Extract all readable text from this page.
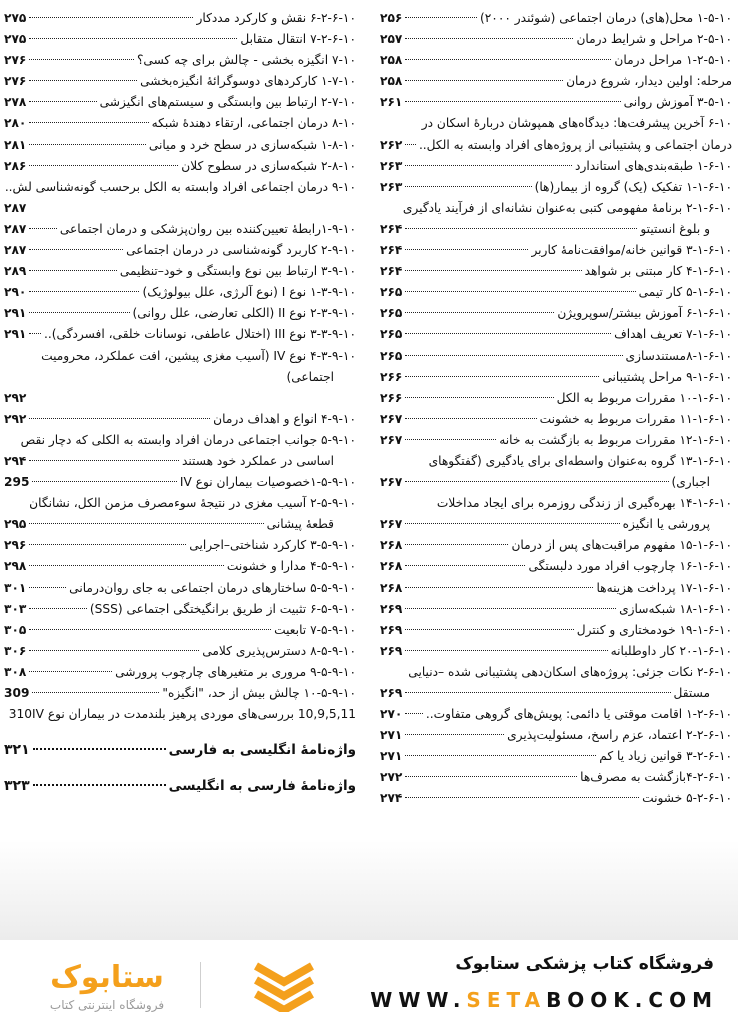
۱-۵-۱۰ محل(های) درمان اجتماعی (شوئندر ۲۰۰۰)
۲۵۶
۲-۵-۱۰ مراحل و شرایط درمان
۲۵۷
۱-۲-۵-۱۰ مراحل درمان
۲۵۸
مرحله: اولین دیدار، شروع درمان
۲۵۸
۳-۵-۱۰ آموزش روانی
۲۶۱
۶-۱۰ آخرین پیشرفت‌ها: دیدگاه‌های همپوشان دربارهٔ اسکان در
درمان اجتماعی و پشتیبانی از پروژه‌های افراد وابسته به الکل..
۲۶۲
۱-۶-۱۰ طبقه‌بندی‌های استاندارد
۲۶۳
۱-۱-۶-۱۰ تفکیک (یک) گروه از بیمار(ها)
۲۶۳
۲-۱-۶-۱۰ برنامهٔ مفهومی کتبی به‌عنوان نشانه‌ای از فرآیند یادگیری
و بلوغ انستیتو
۲۶۴
۳-۱-۶-۱۰ قوانین خانه/موافقت‌نامهٔ کاربر
۲۶۴
۴-۱-۶-۱۰ کار مبتنی بر شواهد
۲۶۴
۵-۱-۶-۱۰ کار تیمی
۲۶۵
۶-۱-۶-۱۰ آموزش بیشتر/سوپرویژن
۲۶۵
۷-۱-۶-۱۰ تعریف اهداف
۲۶۵
۸-۱-۶-۱۰مستندسازی
۲۶۵
۹-۱-۶-۱۰ مراحل پشتیبانی
۲۶۶
۱۰-۱-۶-۱۰ مقررات مربوط به الکل
۲۶۶
۱۱-۱-۶-۱۰ مقررات مربوط به خشونت
۲۶۷
۱۲-۱-۶-۱۰ مقررات مربوط به بازگشت به خانه
۲۶۷
۱۳-۱-۶-۱۰ گروه به‌عنوان واسطه‌ای برای یادگیری (گفتگوهای
اجباری)
۲۶۷
۱۴-۱-۶-۱۰ بهره‌گیری از زندگی روزمره برای ایجاد مداخلات
پرورشی یا انگیزه
۲۶۷
۱۵-۱-۶-۱۰ مفهوم مراقبت‌های پس از درمان
۲۶۸
۱۶-۱-۶-۱۰ چارچوب افراد مورد دلبستگی
۲۶۸
۱۷-۱-۶-۱۰ پرداخت هزینه‌ها
۲۶۸
۱۸-۱-۶-۱۰ شبکه‌سازی
۲۶۹
۱۹-۱-۶-۱۰ خودمختاری و کنترل
۲۶۹
۲۰-۱-۶-۱۰ کار داوطلبانه
۲۶۹
۲-۶-۱۰ نکات جزئی: پروژه‌های اسکان‌دهی پشتیبانی شده –دنیایی
مستقل
۲۶۹
۱-۲-۶-۱۰ اقامت موقتی یا دائمی: پویش‌های گروهی متفاوت..
۲۷۰
۲-۲-۶-۱۰ اعتماد، عزم راسخ، مسئولیت‌پذیری
۲۷۱
۳-۲-۶-۱۰ قوانین زیاد یا کم
۲۷۱
۴-۲-۶-۱۰بازگشت به مصرف‌ها
۲۷۲
۵-۲-۶-۱۰ خشونت
۲۷۴
۶-۲-۶-۱۰ نقش و کارکرد مددکار
۲۷۵
۷-۲-۶-۱۰ انتقال متقابل
۲۷۵
۷-۱۰ انگیزه بخشی - چالش برای چه کسی؟
۲۷۶
۱-۷-۱۰ کارکردهای دوسوگرائهٔ انگیزه‌بخشی
۲۷۶
۲-۷-۱۰ ارتباط بین وابستگی و سیستم‌های انگیزشی
۲۷۸
۸-۱۰ درمان اجتماعی، ارتقاء دهندهٔ شبکه
۲۸۰
۱-۸-۱۰ شبکه‌سازی در سطح خرد و میانی
۲۸۱
۲-۸-۱۰ شبکه‌سازی در سطوح کلان
۲۸۶
۹-۱۰ درمان اجتماعی افراد وابسته به الکل برحسب گونه‌شناسی لش..
۲۸۷
۱-۹-۱۰رابطهٔ تعیین‌کننده بین روان‌پزشکی و درمان اجتماعی
۲۸۷
۲-۹-۱۰ کاربرد گونه‌شناسی در درمان اجتماعی
۲۸۷
۳-۹-۱۰ ارتباط بین نوع وابستگی و خود–تنظیمی
۲۸۹
۱-۳-۹-۱۰ نوع I (نوع آلرژی، علل بیولوژیک)
۲۹۰
۲-۳-۹-۱۰ نوع II (الکلی تعارضی، علل روانی)
۲۹۱
۳-۳-۹-۱۰ نوع III (اختلال عاطفی، نوسانات خلقی، افسردگی)..
۲۹۱
۴-۳-۹-۱۰ نوع IV (آسیب مغزی پیشین، افت عملکرد، محرومیت
اجتماعی)
۲۹۲
۴-۹-۱۰ انواع و اهداف درمان
۲۹۲
۵-۹-۱۰ جوانب اجتماعی درمان افراد وابسته به الکلی که دچار نقص
اساسی در عملکرد خود هستند
۲۹۴
۱-۵-۹-۱۰خصوصیات بیماران نوع IV
295
۲-۵-۹-۱۰ آسیب مغزی در نتیجهٔ سوءمصرف مزمن الکل، نشانگان
قطعهٔ پیشانی
۲۹۵
۳-۵-۹-۱۰ کارکرد شناختی–اجرایی
۲۹۶
۴-۵-۹-۱۰ مدارا و خشونت
۲۹۸
۵-۵-۹-۱۰ ساختارهای درمان اجتماعی به جای روان‌درمانی
۳۰۱
۶-۵-۹-۱۰ تثبیت از طریق برانگیختگی اجتماعی (SSS)
۳۰۳
۷-۵-۹-۱۰ تابعیت
۳۰۵
۸-۵-۹-۱۰ دسترس‌پذیری کلامی
۳۰۶
۹-۵-۹-۱۰ مروری بر متغیرهای چارچوب پرورشی
۳۰۸
۱۰-۵-۹-۱۰ چالش بیش از حد، "انگیزه"
309
10,9,5,11 بررسی‌های موردی پرهیز بلندمدت در بیماران نوع 310IV
واژه‌نامهٔ انگلیسی به فارسی
۳۲۱
واژه‌نامهٔ فارسی به انگلیسی
۳۲۳
فروشگاه کتاب پزشکی ستابوک
WWW.SETABOOK.COM
ستابوک
فروشگاه اینترنتی کتاب
